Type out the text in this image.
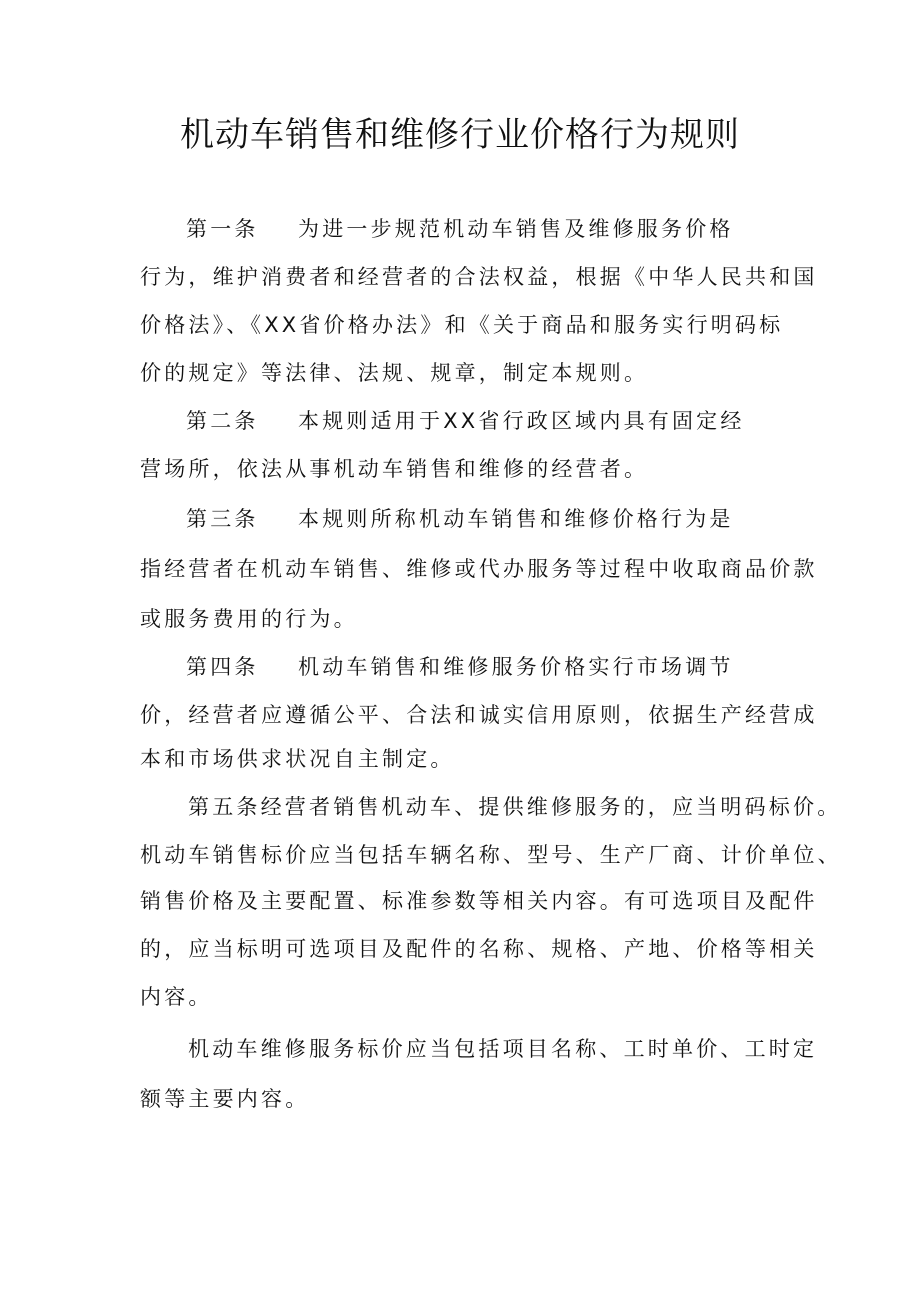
机动车销售和维修行业价格行为规则
第一条 为进一步规范机动车销售及维修服务价格
行为，维护消费者和经营者的合法权益，根据《中华人民共和国
价格法》、《XX省价格办法》和《关于商品和服务实行明码标
价的规定》等法律、法规、规章，制定本规则。
第二条 本规则适用于XX省行政区域内具有固定经
营场所，依法从事机动车销售和维修的经营者。
第三条 本规则所称机动车销售和维修价格行为是
指经营者在机动车销售、维修或代办服务等过程中收取商品价款
或服务费用的行为。
第四条 机动车销售和维修服务价格实行市场调节
价，经营者应遵循公平、合法和诚实信用原则，依据生产经营成
本和市场供求状况自主制定。
第五条经营者销售机动车、提供维修服务的，应当明码标价。
机动车销售标价应当包括车辆名称、型号、生产厂商、计价单位、
销售价格及主要配置、标准参数等相关内容。有可选项目及配件
的，应当标明可选项目及配件的名称、规格、产地、价格等相关
内容。
机动车维修服务标价应当包括项目名称、工时单价、工时定
额等主要内容。
